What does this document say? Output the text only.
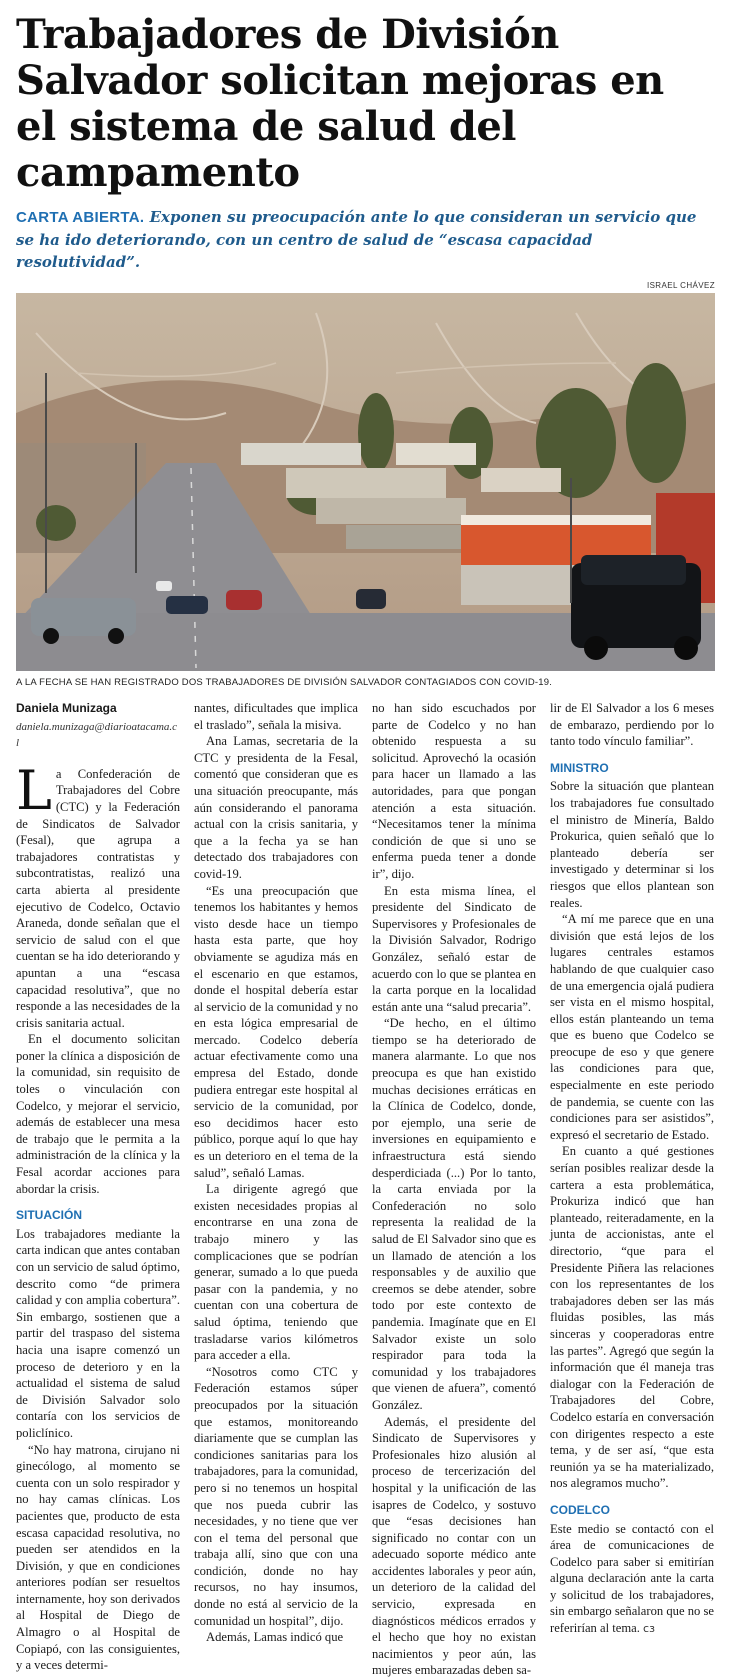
Trabajadores de División Salvador solicitan mejoras en el sistema de salud del campamento
CARTA ABIERTA. Exponen su preocupación ante lo que consideran un servicio que se ha ido deteriorando, con un centro de salud de “escasa capacidad resolutividad”.
ISRAEL CHÁVEZ
A LA FECHA SE HAN REGISTRADO DOS TRABAJADORES DE DIVISIÓN SALVADOR CONTAGIADOS CON COVID-19.
Daniela Munizaga
daniela.munizaga@diarioatacama.cl

La Confederación de Trabajadores del Cobre (CTC) y la Federación de Sindicatos de Salvador (Fesal), que agrupa a trabajadores contratistas y subcontratistas, realizó una carta abierta al presidente ejecutivo de Codelco, Octavio Araneda, donde señalan que el servicio de salud con el que cuentan se ha ido deteriorando y apuntan a una “escasa capacidad resolutiva”, que no responde a las necesidades de la crisis sanitaria actual.

En el documento solicitan poner la clínica a disposición de la comunidad, sin requisito de toles o vinculación con Codelco, y mejorar el servicio, además de establecer una mesa de trabajo que le permita a la administración de la clínica y la Fesal acordar acciones para abordar la crisis.

SITUACIÓN

Los trabajadores mediante la carta indican que antes contaban con un servicio de salud óptimo, descrito como “de primera calidad y con amplia cobertura”. Sin embargo, sostienen que a partir del traspaso del sistema hacia una isapre comenzó un proceso de deterioro y en la actualidad el sistema de salud de División Salvador solo contaría con los servicios de policlínico.

“No hay matrona, cirujano ni ginecólogo, al momento se cuenta con un solo respirador y no hay camas clínicas. Los pacientes que, producto de esta escasa capacidad resolutiva, no pueden ser atendidos en la División, y que en condiciones anteriores podían ser resueltos internamente, hoy son derivados al Hospital de Diego de Almagro o al Hospital de Copiapó, con las consiguientes, y a veces determi-

nantes, dificultades que implica el traslado”, señala la misiva.

Ana Lamas, secretaria de la CTC y presidenta de la Fesal, comentó que consideran que es una situación preocupante, más aún considerando el panorama actual con la crisis sanitaria, y que a la fecha ya se han detectado dos trabajadores con covid-19.

“Es una preocupación que tenemos los habitantes y hemos visto desde hace un tiempo hasta esta parte, que hoy obviamente se agudiza más en el escenario en que estamos, donde el hospital debería estar al servicio de la comunidad y no en esta lógica empresarial de mercado. Codelco debería actuar efectivamente como una empresa del Estado, donde pudiera entregar este hospital al servicio de la comunidad, por eso decidimos hacer esto público, porque aquí lo que hay es un deterioro en el tema de la salud”, señaló Lamas.

La dirigente agregó que existen necesidades propias al encontrarse en una zona de trabajo minero y las complicaciones que se podrían generar, sumado a lo que pueda pasar con la pandemia, y no cuentan con una cobertura de salud óptima, teniendo que trasladarse varios kilómetros para acceder a ella.

“Nosotros como CTC y Federación estamos súper preocupados por la situación que estamos, monitoreando diariamente que se cumplan las condiciones sanitarias para los trabajadores, para la comunidad, pero si no tenemos un hospital que nos pueda cubrir las necesidades, y no tiene que ver con el tema del personal que trabaja allí, sino que con una condición, donde no hay recursos, no hay insumos, donde no está al servicio de la comunidad un hospital”, dijo.

Además, Lamas indicó que

no han sido escuchados por parte de Codelco y no han obtenido respuesta a su solicitud. Aprovechó la ocasión para hacer un llamado a las autoridades, para que pongan atención a esta situación. “Necesitamos tener la mínima condición de que si uno se enferma pueda tener a donde ir”, dijo.

En esta misma línea, el presidente del Sindicato de Supervisores y Profesionales de la División Salvador, Rodrigo González, señaló estar de acuerdo con lo que se plantea en la carta porque en la localidad están ante una “salud precaria”.

“De hecho, en el último tiempo se ha deteriorado de manera alarmante. Lo que nos preocupa es que han existido muchas decisiones erráticas en la Clínica de Codelco, donde, por ejemplo, una serie de inversiones en equipamiento e infraestructura está siendo desperdiciada (...) Por lo tanto, la carta enviada por la Confederación no solo representa la realidad de la salud de El Salvador sino que es un llamado de atención a los responsables y de auxilio que creemos se debe atender, sobre todo por este contexto de pandemia. Imagínate que en El Salvador existe un solo respirador para toda la comunidad y los trabajadores que vienen de afuera”, comentó González.

Además, el presidente del Sindicato de Supervisores y Profesionales hizo alusión al proceso de tercerización del hospital y la unificación de las isapres de Codelco, y sostuvo que “esas decisiones han significado no contar con un adecuado soporte médico ante accidentes laborales y peor aún, un deterioro de la calidad del servicio, expresada en diagnósticos médicos errados y el hecho que hoy no existan nacimientos y peor aún, las mujeres embarazadas deben sa-

lir de El Salvador a los 6 meses de embarazo, perdiendo por lo tanto todo vínculo familiar”.

MINISTRO

Sobre la situación que plantean los trabajadores fue consultado el ministro de Minería, Baldo Prokurica, quien señaló que lo planteado debería ser investigado y determinar si los riesgos que ellos plantean son reales.

“A mí me parece que en una división que está lejos de los lugares centrales estamos hablando de que cualquier caso de una emergencia ojalá pudiera ser vista en el mismo hospital, ellos están planteando un tema que es bueno que Codelco se preocupe de eso y que genere las condiciones para que, especialmente en este periodo de pandemia, se cuente con las condiciones para ser asistidos”, expresó el secretario de Estado.

En cuanto a qué gestiones serían posibles realizar desde la cartera a esta problemática, Prokuriza indicó que han planteado, reiteradamente, en la junta de accionistas, ante el directorio, “que para el Presidente Piñera las relaciones con los representantes de los trabajadores deben ser las más fluidas posibles, las más sinceras y cooperadoras entre las partes”. Agregó que según la información que él maneja tras dialogar con la Federación de Trabajadores del Cobre, Codelco estaría en conversación con dirigentes respecto a este tema, y de ser así, “que esta reunión ya se ha materializado, nos alegramos mucho”.

CODELCO

Este medio se contactó con el área de comunicaciones de Codelco para saber si emitirían alguna declaración ante la carta y solicitud de los trabajadores, sin embargo señalaron que no se referirían al tema. cз
